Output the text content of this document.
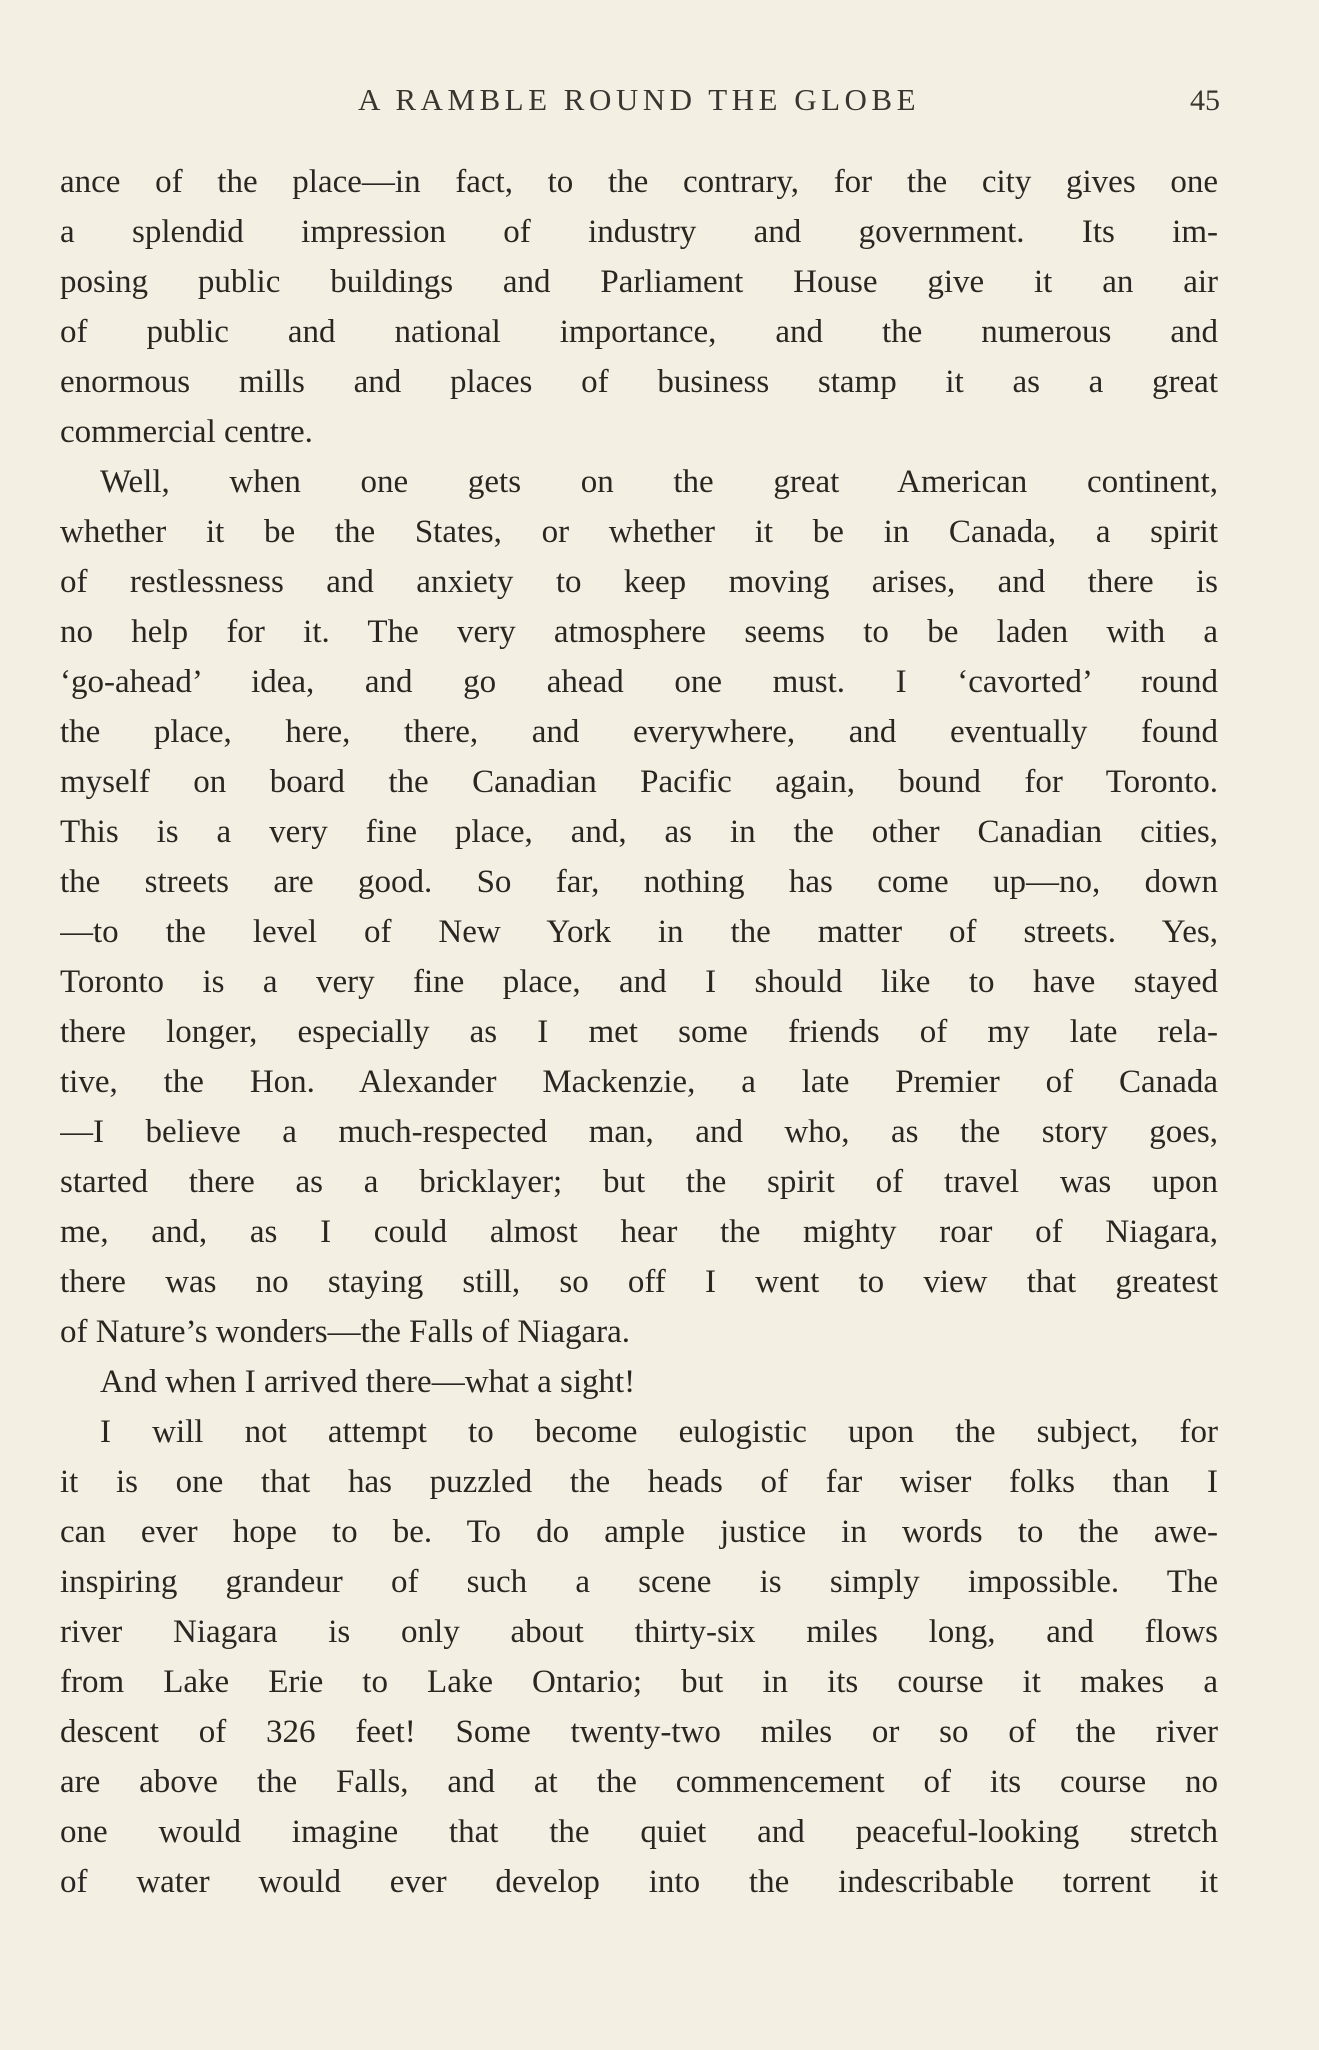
A RAMBLE ROUND THE GLOBE	45
ance of the place—in fact, to the contrary, for the city gives one
a splendid impression of industry and government. Its im-
posing public buildings and Parliament House give it an air
of public and national importance, and the numerous and
enormous mills and places of business stamp it as a great
commercial centre.
Well, when one gets on the great American continent,
whether it be the States, or whether it be in Canada, a spirit
of restlessness and anxiety to keep moving arises, and there is
no help for it. The very atmosphere seems to be laden with a
‘go-ahead’ idea, and go ahead one must. I ‘cavorted’ round
the place, here, there, and everywhere, and eventually found
myself on board the Canadian Pacific again, bound for Toronto.
This is a very fine place, and, as in the other Canadian cities,
the streets are good. So far, nothing has come up—no, down
—to the level of New York in the matter of streets. Yes,
Toronto is a very fine place, and I should like to have stayed
there longer, especially as I met some friends of my late rela-
tive, the Hon. Alexander Mackenzie, a late Premier of Canada
—I believe a much-respected man, and who, as the story goes,
started there as a bricklayer; but the spirit of travel was upon
me, and, as I could almost hear the mighty roar of Niagara,
there was no staying still, so off I went to view that greatest
of Nature’s wonders—the Falls of Niagara.
And when I arrived there—what a sight!
I will not attempt to become eulogistic upon the subject, for
it is one that has puzzled the heads of far wiser folks than I
can ever hope to be. To do ample justice in words to the awe-
inspiring grandeur of such a scene is simply impossible. The
river Niagara is only about thirty-six miles long, and flows
from Lake Erie to Lake Ontario; but in its course it makes a
descent of 326 feet! Some twenty-two miles or so of the river
are above the Falls, and at the commencement of its course no
one would imagine that the quiet and peaceful-looking stretch
of water would ever develop into the indescribable torrent it
